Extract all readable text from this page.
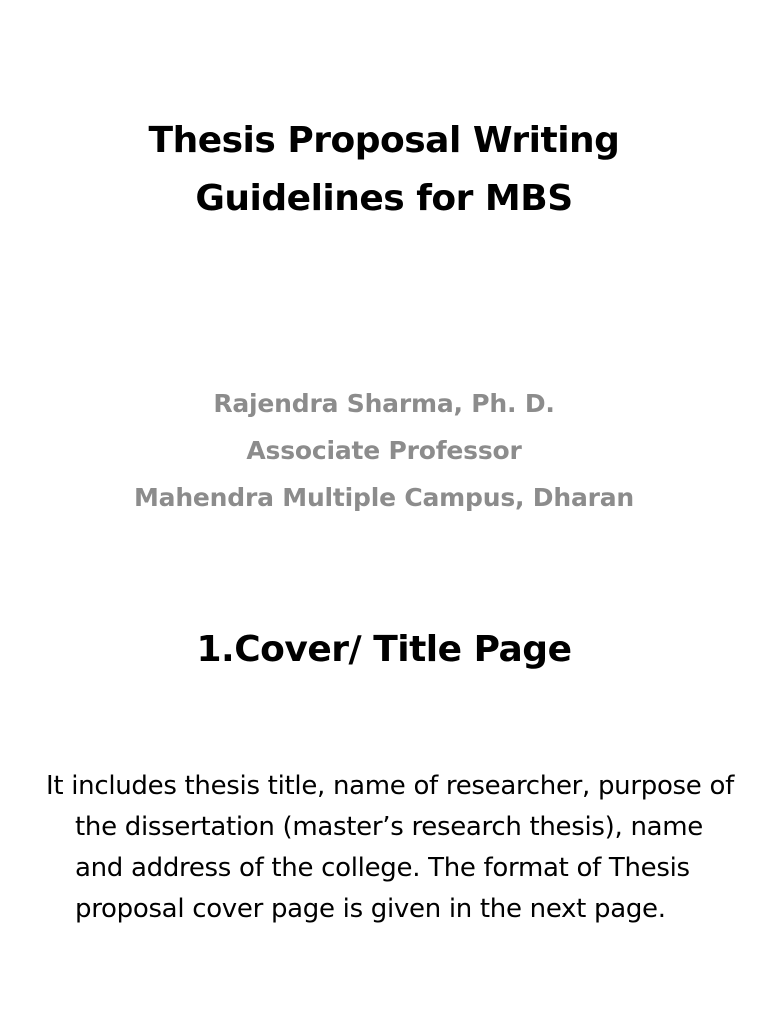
Thesis Proposal Writing
Guidelines for MBS
Rajendra Sharma, Ph. D.
Associate Professor
Mahendra Multiple Campus, Dharan
1.Cover/ Title Page
It includes thesis title, name of researcher, purpose of the dissertation (master’s research thesis), name and address of the college. The format of Thesis proposal cover page is given in the next page.
